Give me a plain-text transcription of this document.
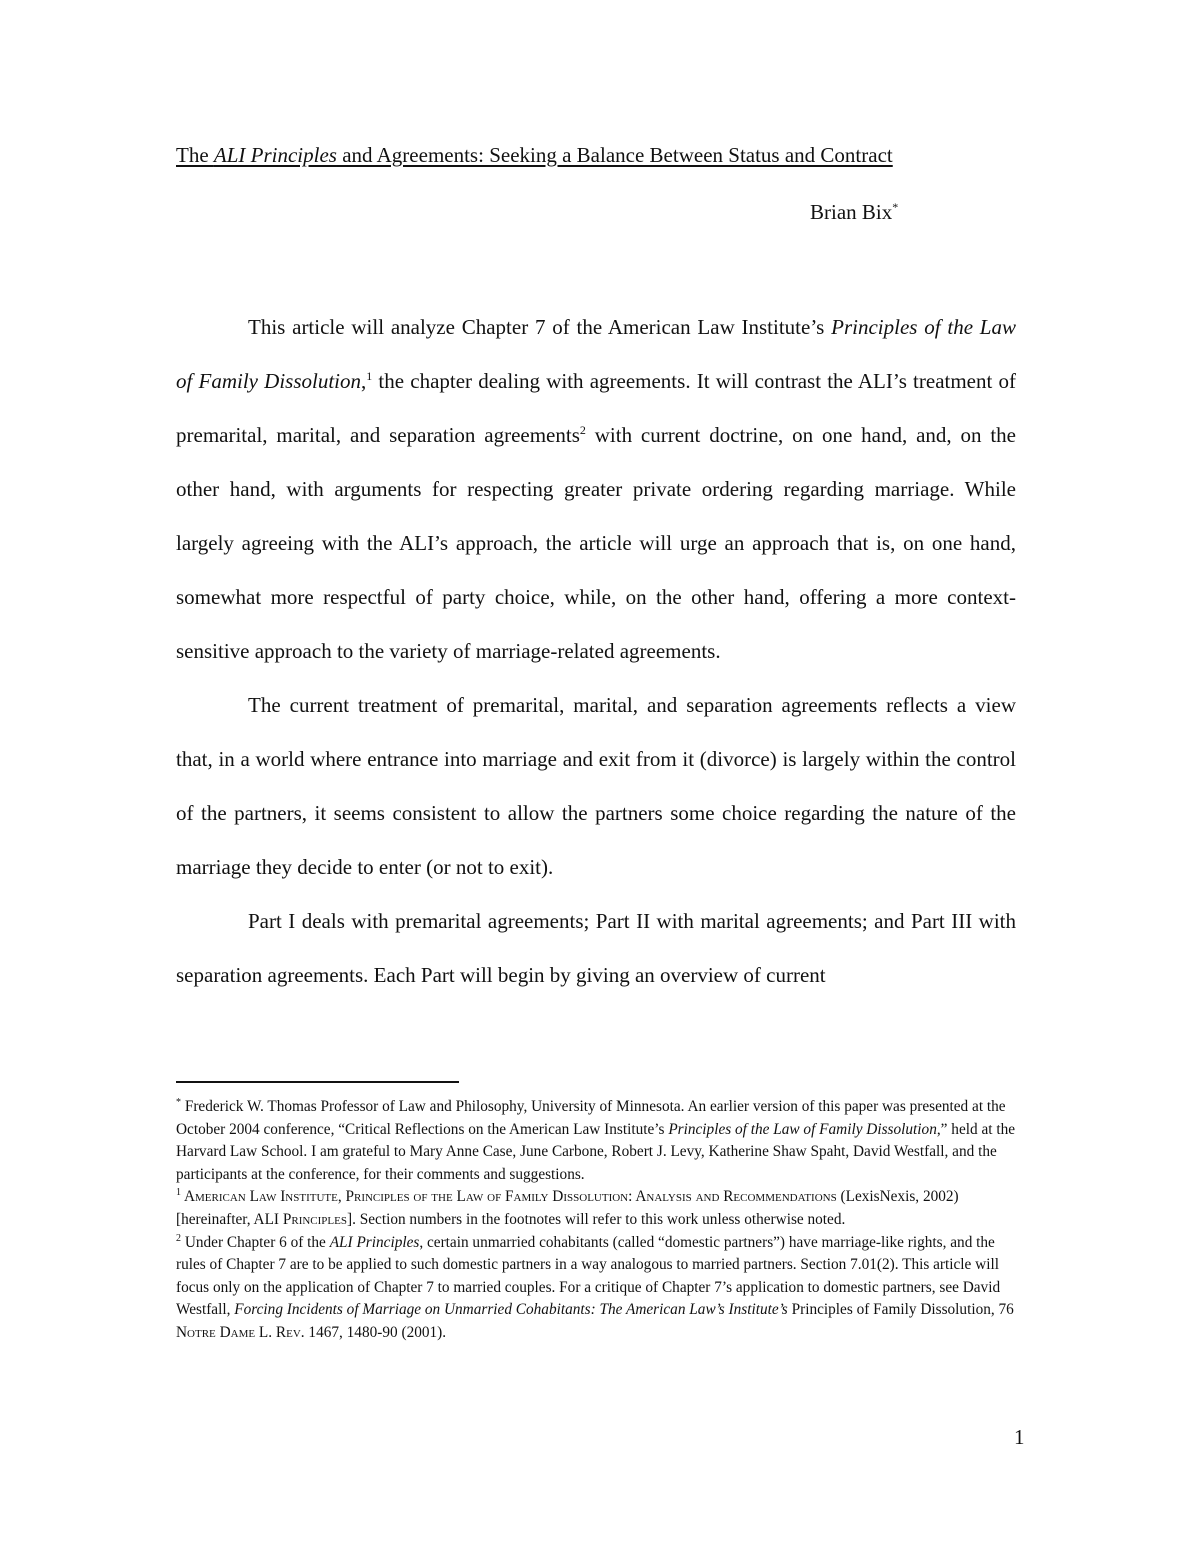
The ALI Principles and Agreements: Seeking a Balance Between Status and Contract
Brian Bix*

This article will analyze Chapter 7 of the American Law Institute’s Principles of the Law of Family Dissolution,$^1$ the chapter dealing with agreements. It will contrast the ALI’s treatment of premarital, marital, and separation agreements$^2$ with current doctrine, on one hand, and, on the other hand, with arguments for respecting greater private ordering regarding marriage. While largely agreeing with the ALI’s approach, the article will urge an approach that is, on one hand, somewhat more respectful of party choice, while, on the other hand, offering a more context-sensitive approach to the variety of marriage-related agreements.

The current treatment of premarital, marital, and separation agreements reflects a view that, in a world where entrance into marriage and exit from it (divorce) is largely within the control of the partners, it seems consistent to allow the partners some choice regarding the nature of the marriage they decide to enter (or not to exit).

Part I deals with premarital agreements; Part II with marital agreements; and Part III with separation agreements. Each Part will begin by giving an overview of current

* Frederick W. Thomas Professor of Law and Philosophy, University of Minnesota. An earlier version of this paper was presented at the October 2004 conference, “Critical Reflections on the American Law Institute’s Principles of the Law of Family Dissolution,” held at the Harvard Law School. I am grateful to Mary Anne Case, June Carbone, Robert J. Levy, Katherine Shaw Spaht, David Westfall, and the participants at the conference, for their comments and suggestions.

$^1$ American Law Institute, Principles of the Law of Family Dissolution: Analysis and Recommendations (LexisNexis, 2002) [hereinafter, ALI Principles]. Section numbers in the footnotes will refer to this work unless otherwise noted.

$^2$ Under Chapter 6 of the ALI Principles, certain unmarried cohabitants (called “domestic partners”) have marriage-like rights, and the rules of Chapter 7 are to be applied to such domestic partners in a way analogous to married partners. Section 7.01(2). This article will focus only on the application of Chapter 7 to married couples. For a critique of Chapter 7’s application to domestic partners, see David Westfall, Forcing Incidents of Marriage on Unmarried Cohabitants: The American Law’s Institute’s Principles of Family Dissolution, 76 Notre Dame L. Rev. 1467, 1480-90 (2001).

1
